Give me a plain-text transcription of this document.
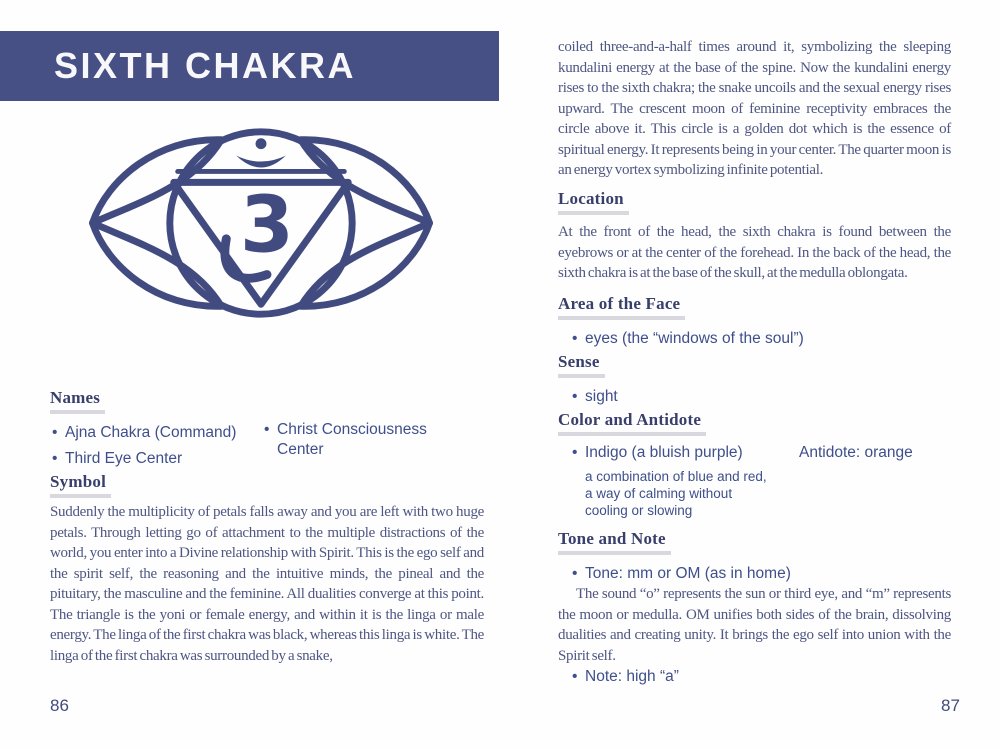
SIXTH CHAKRA
3
Names
• Ajna Chakra (Command)
• Third Eye Center
• Christ Consciousness Center
Symbol
Suddenly the multiplicity of petals falls away and you are left with two huge petals. Through letting go of attachment to the multiple distractions of the world, you enter into a Divine relationship with Spirit. This is the ego self and the spirit self, the reasoning and the intuitive minds, the pineal and the pituitary, the masculine and the feminine. All dualities converge at this point. The triangle is the yoni or female energy, and within it is the linga or male energy. The linga of the first chakra was black, whereas this linga is white. The linga of the first chakra was surrounded by a snake,
86
coiled three-and-a-half times around it, symbolizing the sleeping kundalini energy at the base of the spine. Now the kundalini energy rises to the sixth chakra; the snake uncoils and the sexual energy rises upward. The crescent moon of feminine receptivity embraces the circle above it. This circle is a golden dot which is the essence of spiritual energy. It represents being in your center. The quarter moon is an energy vortex symbolizing infinite potential.
Location
At the front of the head, the sixth chakra is found between the eyebrows or at the center of the forehead. In the back of the head, the sixth chakra is at the base of the skull, at the medulla oblongata.
Area of the Face
• eyes (the “windows of the soul”)
Sense
• sight
Color and Antidote
• Indigo (a bluish purple)
a combination of blue and red, a way of calming without cooling or slowing
Antidote: orange
Tone and Note
• Tone: mm or OM (as in home)
The sound “o” represents the sun or third eye, and “m” represents the moon or medulla. OM unifies both sides of the brain, dissolving dualities and creating unity. It brings the ego self into union with the Spirit self.
• Note: high “a”
87
